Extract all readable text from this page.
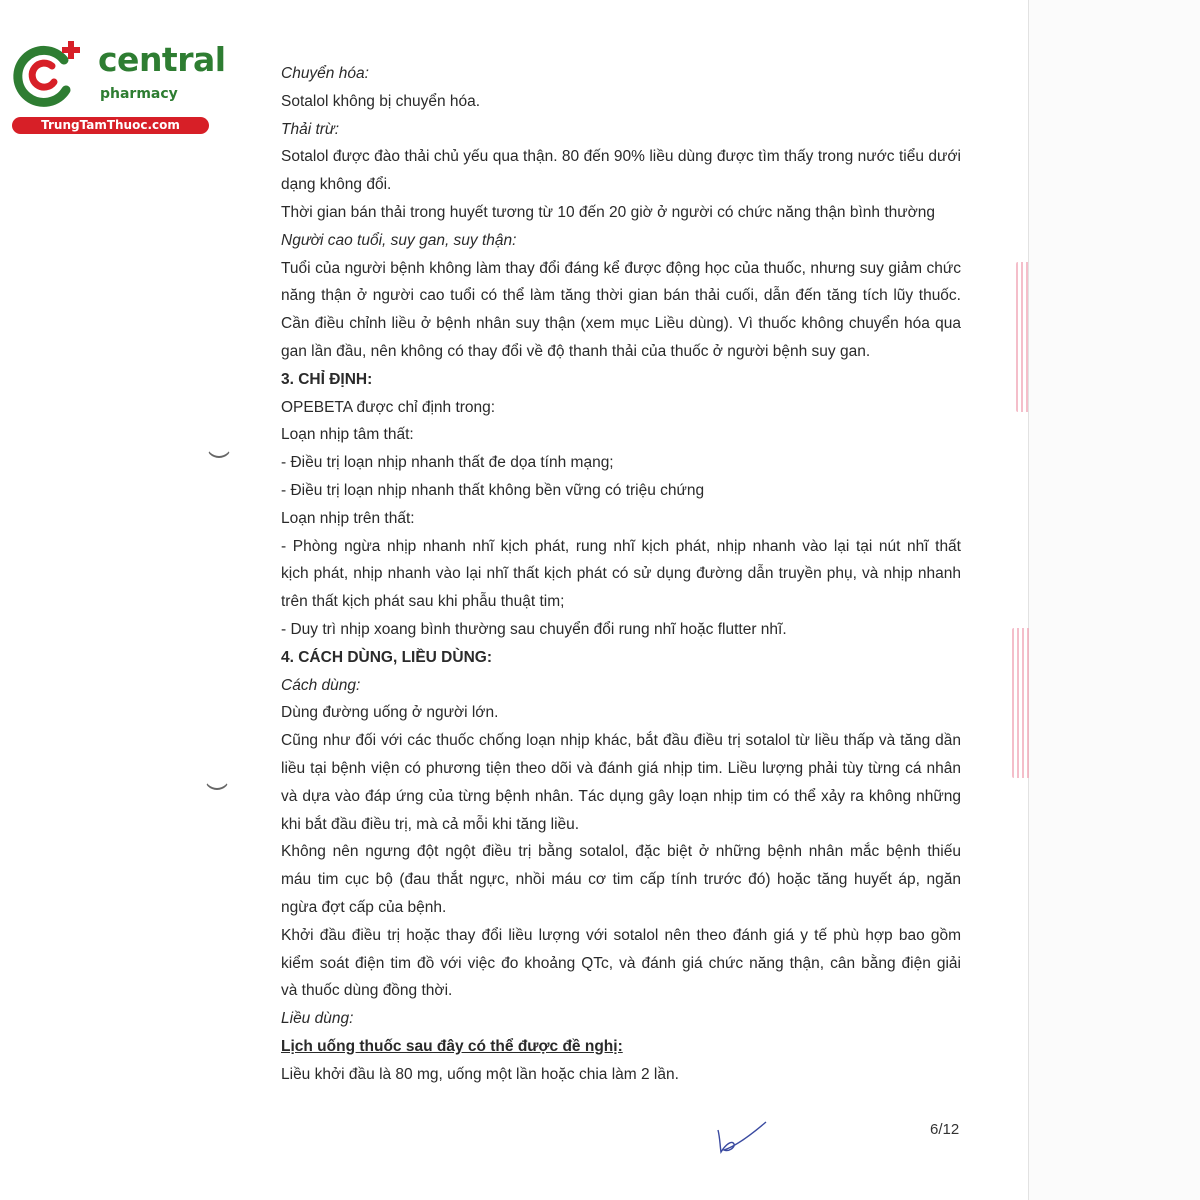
central
pharmacy
TrungTamThuoc.com

Chuyển hóa:

Sotalol không bị chuyển hóa.

Thải trừ:

Sotalol được đào thải chủ yếu qua thận. 80 đến 90% liều dùng được tìm thấy trong nước tiểu dưới

dạng không đổi.

Thời gian bán thải trong huyết tương từ 10 đến 20 giờ ở người có chức năng thận bình thường

Người cao tuổi, suy gan, suy thận:

Tuổi của người bệnh không làm thay đổi đáng kể được động học của thuốc, nhưng suy giảm chức

năng thận ở người cao tuổi có thể làm tăng thời gian bán thải cuối, dẫn đến tăng tích lũy thuốc.

Cần điều chỉnh liều ở bệnh nhân suy thận (xem mục Liều dùng). Vì thuốc không chuyển hóa qua

gan lần đầu, nên không có thay đổi về độ thanh thải của thuốc ở người bệnh suy gan.

3. CHỈ ĐỊNH:

OPEBETA được chỉ định trong:

Loạn nhịp tâm thất:

- Điều trị loạn nhịp nhanh thất đe dọa tính mạng;

- Điều trị loạn nhịp nhanh thất không bền vững có triệu chứng

Loạn nhịp trên thất:

- Phòng ngừa nhịp nhanh nhĩ kịch phát, rung nhĩ kịch phát, nhịp nhanh vào lại tại nút nhĩ thất

kịch phát, nhịp nhanh vào lại nhĩ thất kịch phát có sử dụng đường dẫn truyền phụ, và nhịp nhanh

trên thất kịch phát sau khi phẫu thuật tim;

- Duy trì nhịp xoang bình thường sau chuyển đổi rung nhĩ hoặc flutter nhĩ.

4. CÁCH DÙNG, LIỀU DÙNG:

Cách dùng:

Dùng đường uống ở người lớn.

Cũng như đối với các thuốc chống loạn nhịp khác, bắt đầu điều trị sotalol từ liều thấp và tăng dần

liều tại bệnh viện có phương tiện theo dõi và đánh giá nhịp tim. Liều lượng phải tùy từng cá nhân

và dựa vào đáp ứng của từng bệnh nhân. Tác dụng gây loạn nhịp tim có thể xảy ra không những

khi bắt đầu điều trị, mà cả mỗi khi tăng liều.

Không nên ngưng đột ngột điều trị bằng sotalol, đặc biệt ở những bệnh nhân mắc bệnh thiếu

máu tim cục bộ (đau thắt ngực, nhồi máu cơ tim cấp tính trước đó) hoặc tăng huyết áp, ngăn

ngừa đợt cấp của bệnh.

Khởi đầu điều trị hoặc thay đổi liều lượng với sotalol nên theo đánh giá y tế phù hợp bao gồm

kiểm soát điện tim đồ với việc đo khoảng QTc, và đánh giá chức năng thận, cân bằng điện giải

và thuốc dùng đồng thời.

Liều dùng:

Lịch uống thuốc sau đây có thể được đề nghị:

Liều khởi đầu là 80 mg, uống một lần hoặc chia làm 2 lần.

6/12
